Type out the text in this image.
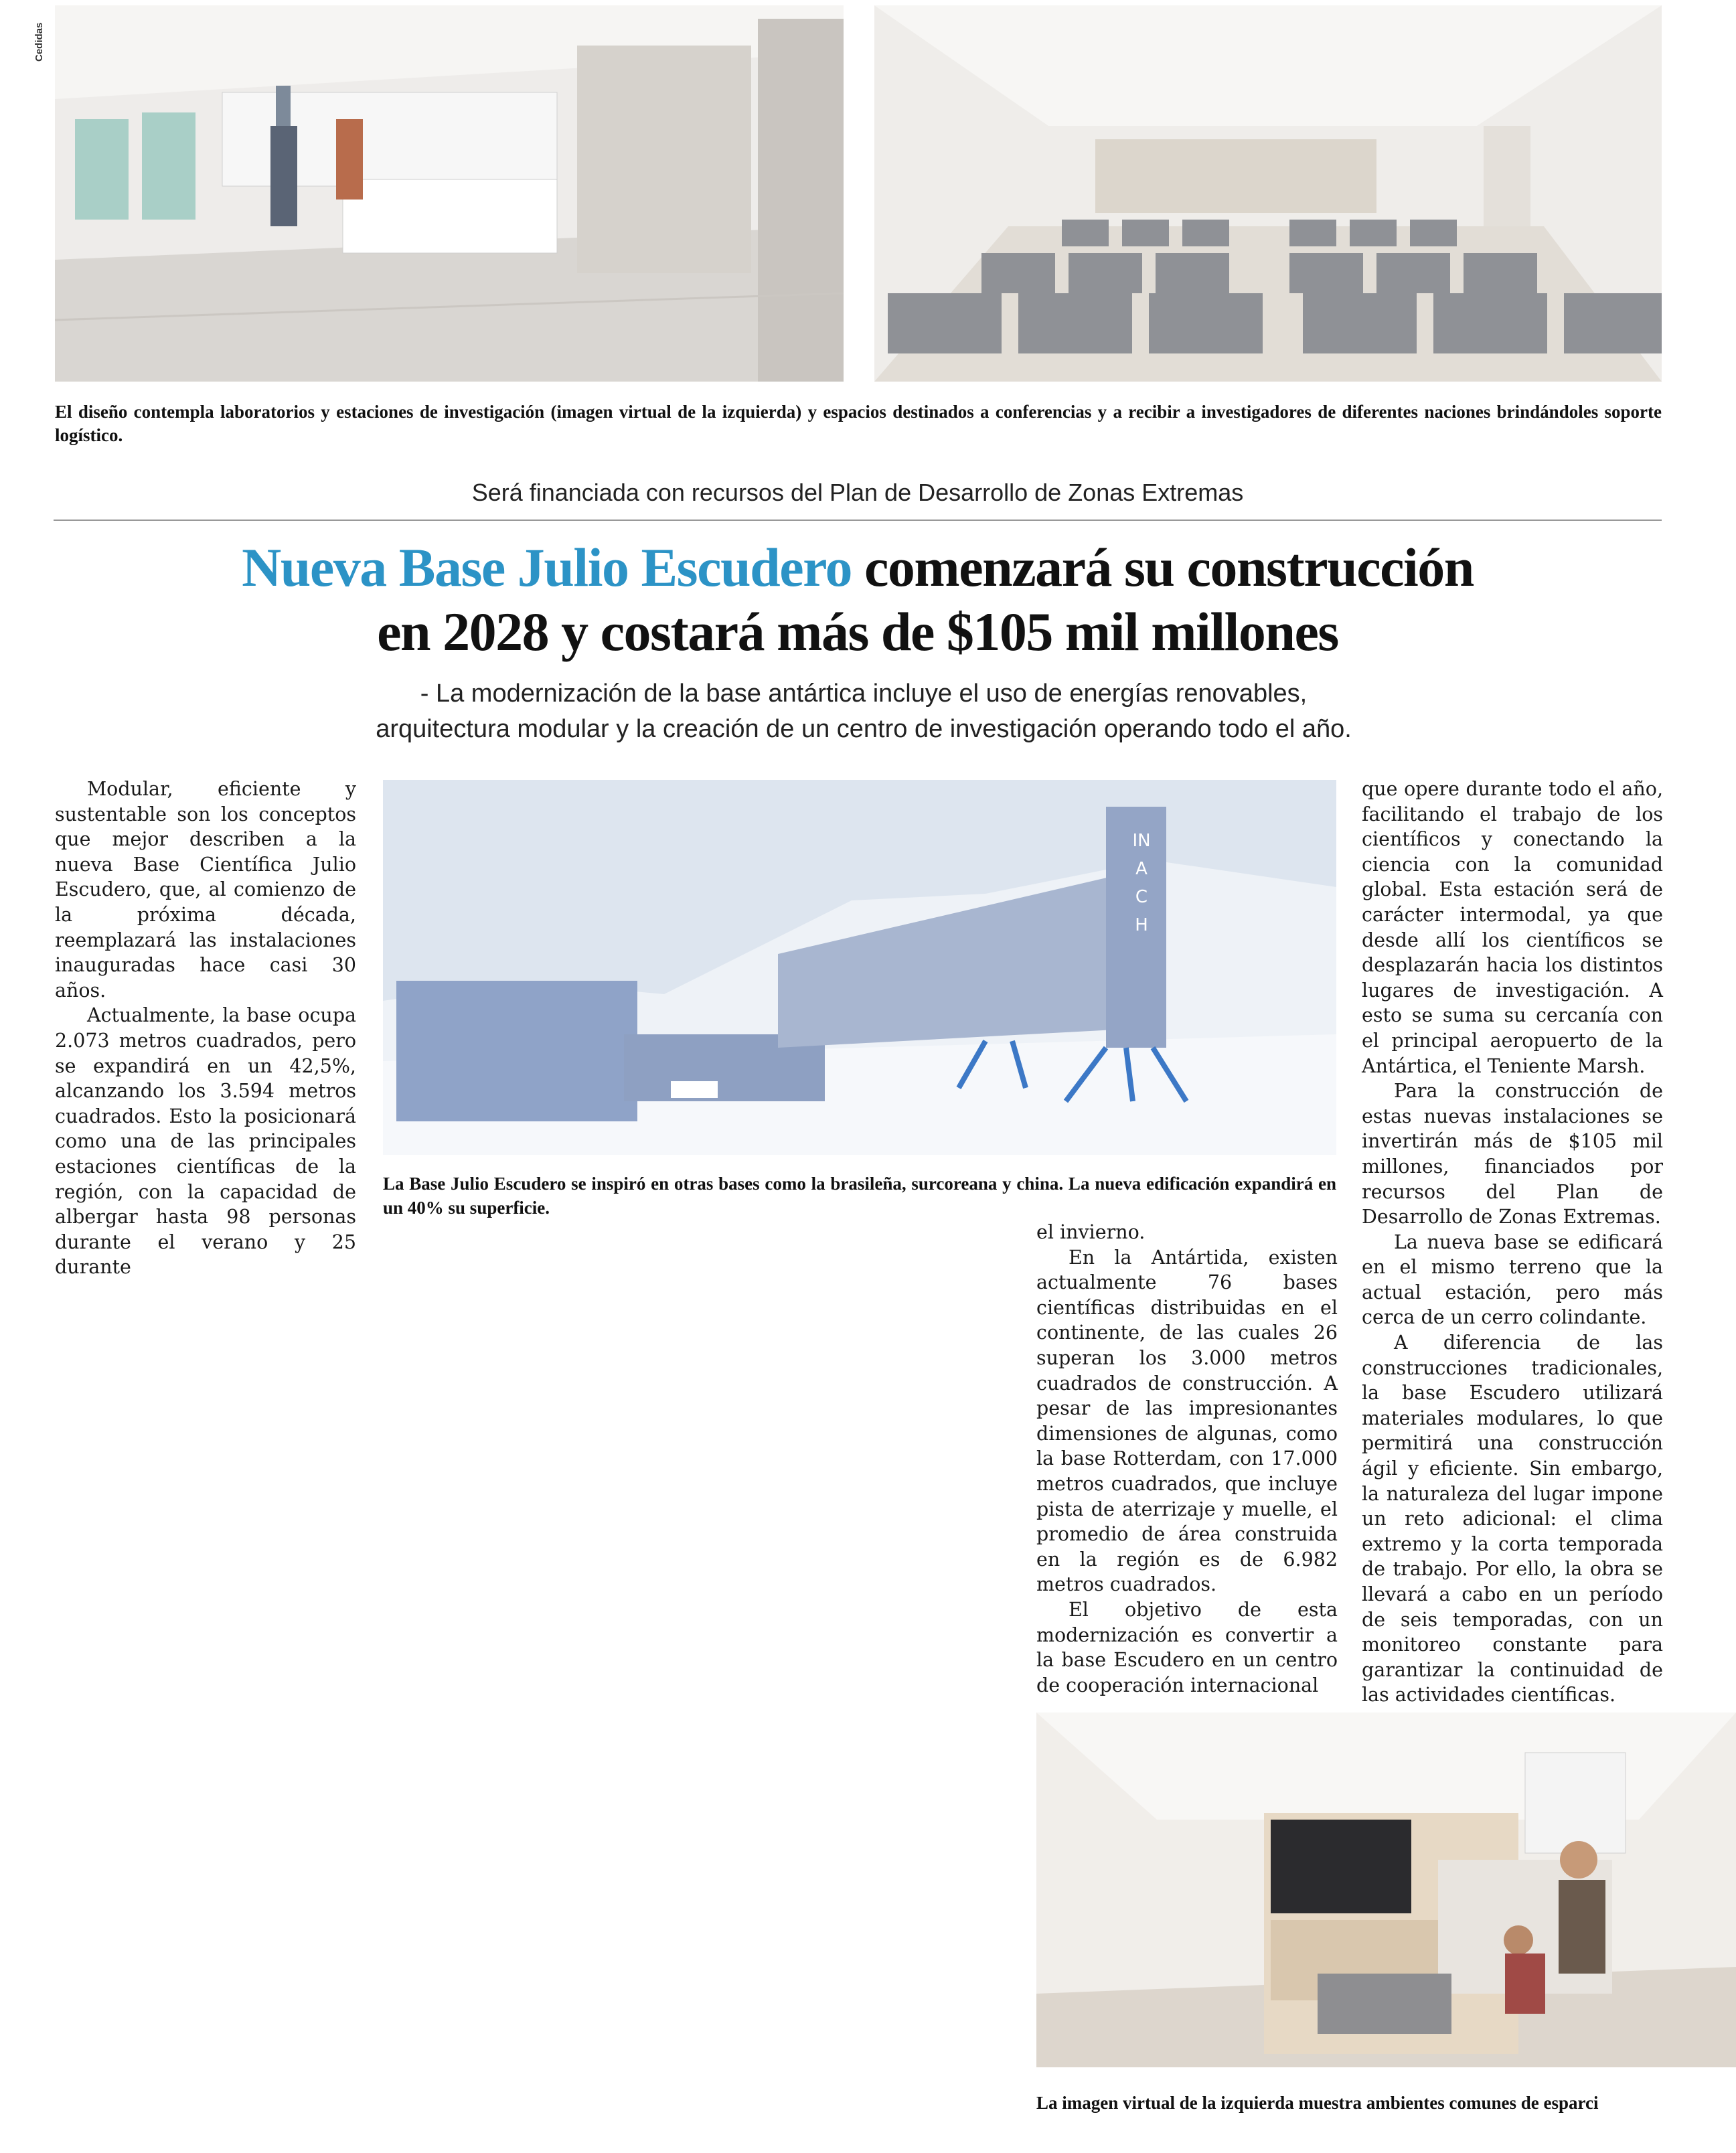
Cedidas
El diseño contempla laboratorios y estaciones de investigación (imagen virtual de la izquierda) y espacios destinados a conferencias y a recibir a investigadores de diferentes naciones brindándoles soporte logístico.
Será financiada con recursos del Plan de Desarrollo de Zonas Extremas
Nueva Base Julio Escudero comenzará su construcción
en 2028 y costará más de $105 mil millones
- La modernización de la base antártica incluye el uso de energías renovables,
arquitectura modular y la creación de un centro de investigación operando todo el año.

Modular, eficiente y sustentable son los conceptos que mejor describen a la nueva Base Científica Julio Escudero, que, al comienzo de la próxima década, reemplazará las instalaciones inauguradas hace casi 30 años.

Actualmente, la base ocupa 2.073 metros cuadrados, pero se expandirá en un 42,5%, alcanzando los 3.594 metros cuadrados. Esto la posicionará como una de las principales estaciones científicas de la región, con la capacidad de albergar hasta 98 personas durante el verano y 25 durante

INACH
La Base Julio Escudero se inspiró en otras bases como la brasileña, surcoreana y china. La nueva edificación expandirá en un 40% su superficie.

que opere durante todo el año, facilitando el trabajo de los científicos y conectando la ciencia con la comunidad global. Esta estación será de carácter intermodal, ya que desde allí los científicos se desplazarán hacia los distintos lugares de investigación. A esto se suma su cercanía con el principal aeropuerto de la Antártica, el Teniente Marsh.

Para la construcción de estas nuevas instalaciones se invertirán más de $105 mil millones, financiados por recursos del Plan de Desarrollo de Zonas Extremas.

La nueva base se edificará en el mismo terreno que la actual estación, pero más cerca de un cerro colindante.

A diferencia de las construcciones tradicionales, la base Escudero utilizará materiales modulares, lo que permitirá una construcción ágil y eficiente. Sin embargo, la naturaleza del lugar impone un reto adicional: el clima extremo y la corta temporada de trabajo. Por ello, la obra se llevará a cabo en un período de seis temporadas, con un monitoreo constante para garantizar la continuidad de las actividades científicas.

el invierno.

En la Antártida, existen actualmente 76 bases científicas distribuidas en el continente, de las cuales 26 superan los 3.000 metros cuadrados de construcción. A pesar de las impresionantes dimensiones de algunas, como la base Rotterdam, con 17.000 metros cuadrados, que incluye pista de aterrizaje y muelle, el promedio de área construida en la región es de 6.982 metros cuadrados.

El objetivo de esta modernización es convertir a la base Escudero en un centro de cooperación internacional

La imagen virtual de la izquierda muestra ambientes comunes de esparci
